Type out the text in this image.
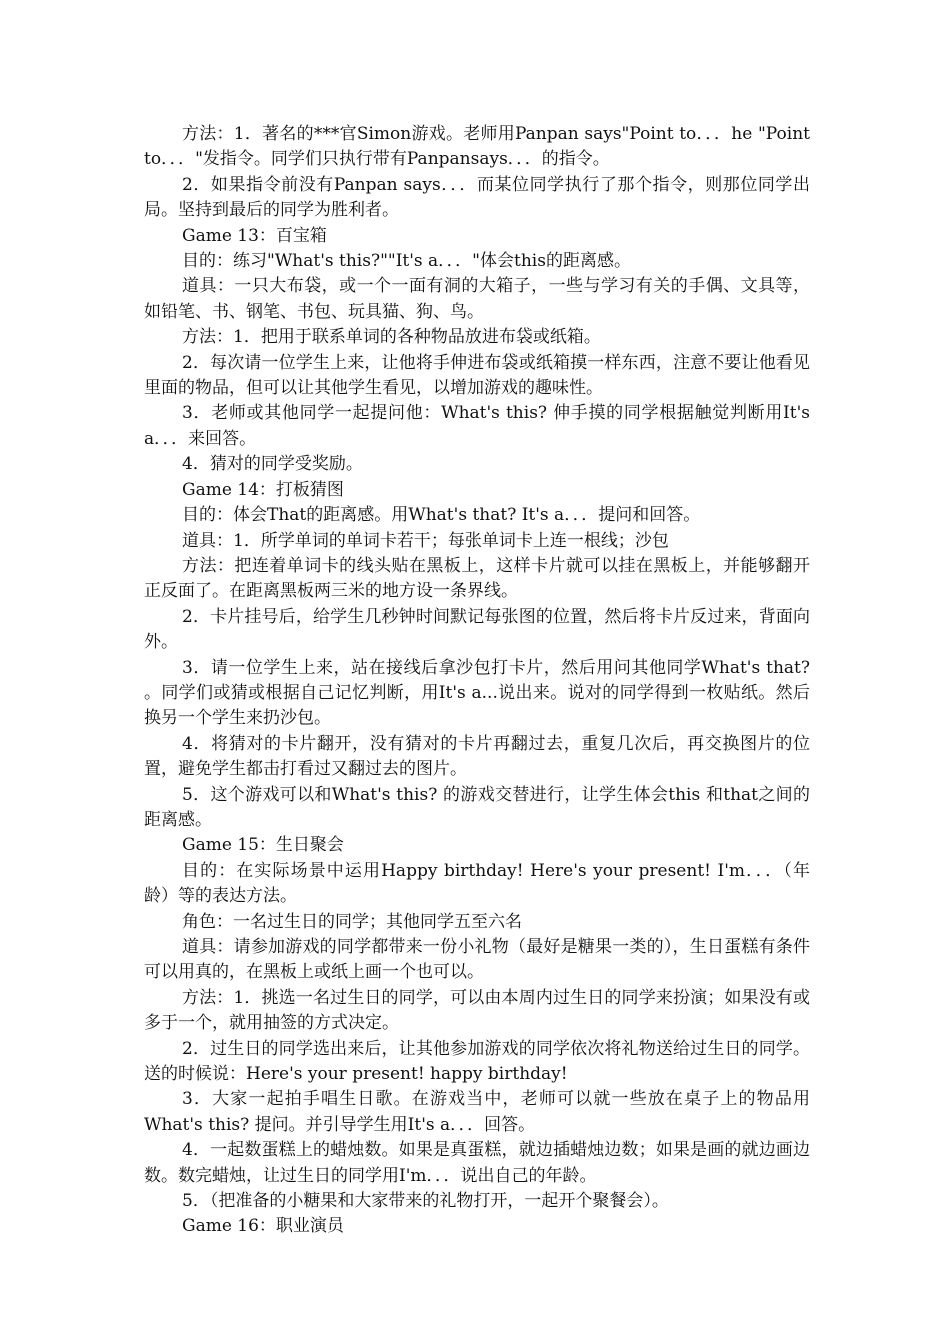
方法：1．著名的***官Simon游戏。老师用Panpan says"Point to．．．he "Point to．．．"发指令。同学们只执行带有Panpansays．．．的指令。

2．如果指令前没有Panpan says．．．而某位同学执行了那个指令，则那位同学出局。坚持到最后的同学为胜利者。

Game 13：百宝箱

目的：练习"What's this?""It's a．．．"体会this的距离感。

道具：一只大布袋，或一个一面有洞的大箱子，一些与学习有关的手偶、文具等，如铅笔、书、钢笔、书包、玩具猫、狗、鸟。

方法：1．把用于联系单词的各种物品放进布袋或纸箱。

2．每次请一位学生上来，让他将手伸进布袋或纸箱摸一样东西，注意不要让他看见里面的物品，但可以让其他学生看见，以增加游戏的趣味性。

3．老师或其他同学一起提问他：What's this? 伸手摸的同学根据触觉判断用It's a．．．来回答。

4．猜对的同学受奖励。

Game 14：打板猜图

目的：体会That的距离感。用What's that? It's a．．．提问和回答。

道具：1．所学单词的单词卡若干；每张单词卡上连一根线；沙包

方法：把连着单词卡的线头贴在黑板上，这样卡片就可以挂在黑板上，并能够翻开正反面了。在距离黑板两三米的地方设一条界线。

2．卡片挂号后，给学生几秒钟时间默记每张图的位置，然后将卡片反过来，背面向外。

3．请一位学生上来，站在接线后拿沙包打卡片，然后用问其他同学What's that? 。同学们或猜或根据自己记忆判断，用It's a...说出来。说对的同学得到一枚贴纸。然后换另一个学生来扔沙包。

4．将猜对的卡片翻开，没有猜对的卡片再翻过去，重复几次后，再交换图片的位置，避免学生都击打看过又翻过去的图片。

5．这个游戏可以和What's this? 的游戏交替进行，让学生体会this 和that之间的距离感。

Game 15：生日聚会

目的：在实际场景中运用Happy birthday! Here's your present! I'm．．．（年龄）等的表达方法。

角色：一名过生日的同学；其他同学五至六名

道具：请参加游戏的同学都带来一份小礼物（最好是糖果一类的），生日蛋糕有条件可以用真的，在黑板上或纸上画一个也可以。

方法：1．挑选一名过生日的同学，可以由本周内过生日的同学来扮演；如果没有或多于一个，就用抽签的方式决定。

2．过生日的同学选出来后，让其他参加游戏的同学依次将礼物送给过生日的同学。送的时候说：Here's your present! happy birthday!

3．大家一起拍手唱生日歌。在游戏当中，老师可以就一些放在桌子上的物品用What's this? 提问。并引导学生用It's a．．．回答。

4．一起数蛋糕上的蜡烛数。如果是真蛋糕，就边插蜡烛边数；如果是画的就边画边数。数完蜡烛，让过生日的同学用I'm．．．说出自己的年龄。

5．（把准备的小糖果和大家带来的礼物打开，一起开个聚餐会）。

Game 16：职业演员
